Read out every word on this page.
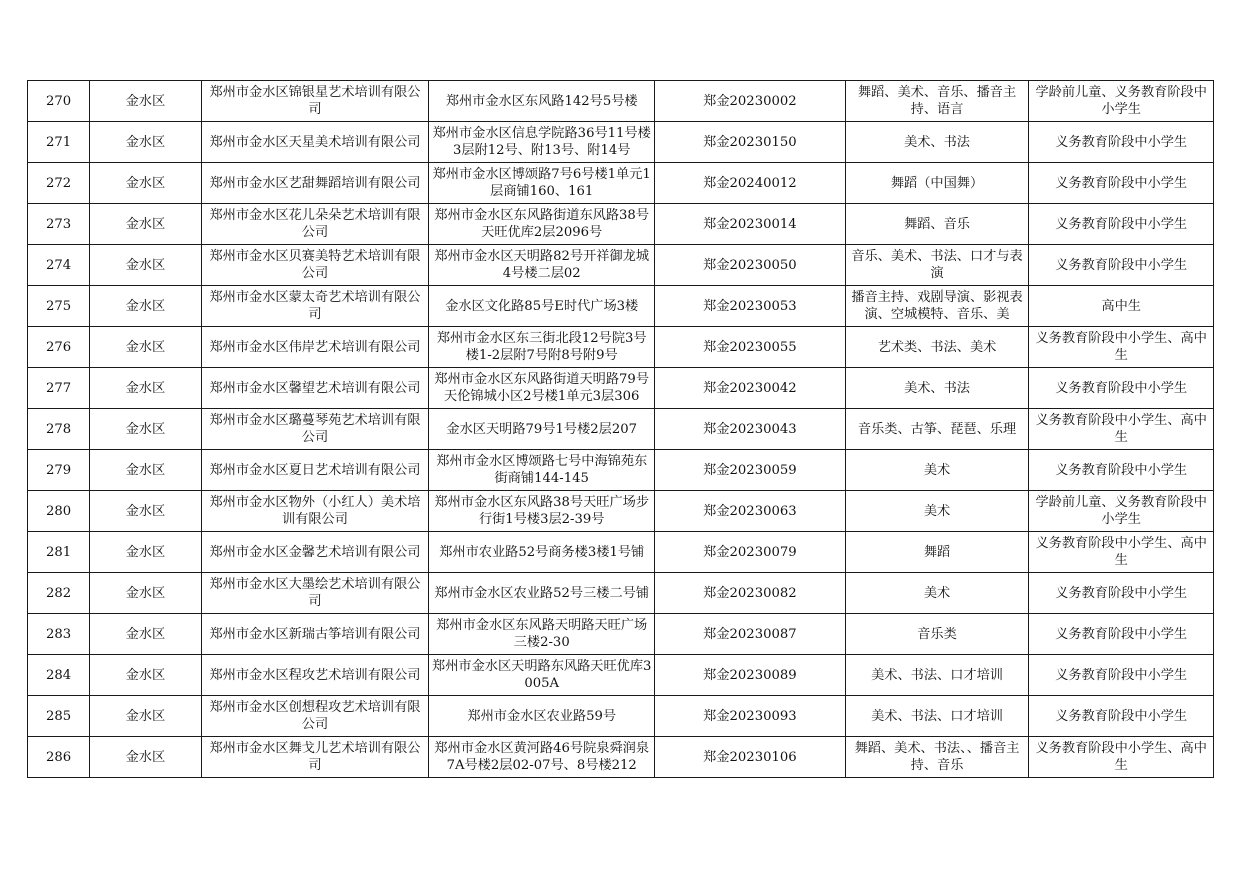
270	金水区	郑州市金水区锦银星艺术培训有限公司	郑州市金水区东风路142号5号楼	郑金20230002	舞蹈、美术、音乐、播音主持、语言	学龄前儿童、义务教育阶段中小学生

271	金水区	郑州市金水区天星美术培训有限公司	郑州市金水区信息学院路36号11号楼3层附12号、附13号、附14号	郑金20230150	美术、书法	义务教育阶段中小学生

272	金水区	郑州市金水区艺甜舞蹈培训有限公司	郑州市金水区博颂路7号6号楼1单元1层商铺160、161	郑金20240012	舞蹈（中国舞）	义务教育阶段中小学生

273	金水区	郑州市金水区花儿朵朵艺术培训有限公司	郑州市金水区东风路街道东风路38号天旺优库2层2096号	郑金20230014	舞蹈、音乐	义务教育阶段中小学生

274	金水区	郑州市金水区贝赛美特艺术培训有限公司	郑州市金水区天明路82号开祥御龙城4号楼二层02	郑金20230050	音乐、美术、书法、口才与表演	义务教育阶段中小学生

275	金水区	郑州市金水区蒙太奇艺术培训有限公司	金水区文化路85号E时代广场3楼	郑金20230053	播音主持、戏剧导演、影视表演、空城模特、音乐、美	高中生

276	金水区	郑州市金水区伟岸艺术培训有限公司	郑州市金水区东三街北段12号院3号楼1-2层附7号附8号附9号	郑金20230055	艺术类、书法、美术	义务教育阶段中小学生、高中生

277	金水区	郑州市金水区馨望艺术培训有限公司	郑州市金水区东风路街道天明路79号天伦锦城小区2号楼1单元3层306	郑金20230042	美术、书法	义务教育阶段中小学生

278	金水区	郑州市金水区璐蔓琴苑艺术培训有限公司	金水区天明路79号1号楼2层207	郑金20230043	音乐类、古筝、琵琶、乐理	义务教育阶段中小学生、高中生

279	金水区	郑州市金水区夏日艺术培训有限公司	郑州市金水区博颂路七号中海锦苑东街商铺144-145	郑金20230059	美术	义务教育阶段中小学生

280	金水区	郑州市金水区物外（小红人）美术培训有限公司	郑州市金水区东风路38号天旺广场步行街1号楼3层2-39号	郑金20230063	美术	学龄前儿童、义务教育阶段中小学生

281	金水区	郑州市金水区金馨艺术培训有限公司	郑州市农业路52号商务楼3楼1号铺	郑金20230079	舞蹈	义务教育阶段中小学生、高中生

282	金水区	郑州市金水区大墨绘艺术培训有限公司	郑州市金水区农业路52号三楼二号铺	郑金20230082	美术	义务教育阶段中小学生

283	金水区	郑州市金水区新瑞古筝培训有限公司	郑州市金水区东风路天明路天旺广场三楼2-30	郑金20230087	音乐类	义务教育阶段中小学生

284	金水区	郑州市金水区程攻艺术培训有限公司	郑州市金水区天明路东风路天旺优库3005A	郑金20230089	美术、书法、口才培训	义务教育阶段中小学生

285	金水区	郑州市金水区创想程攻艺术培训有限公司	郑州市金水区农业路59号	郑金20230093	美术、书法、口才培训	义务教育阶段中小学生

286	金水区	郑州市金水区舞戈儿艺术培训有限公司	郑州市金水区黄河路46号院泉舜润泉7A号楼2层02-07号、8号楼212	郑金20230106	舞蹈、美术、书法、、播音主持、音乐	义务教育阶段中小学生、高中生
